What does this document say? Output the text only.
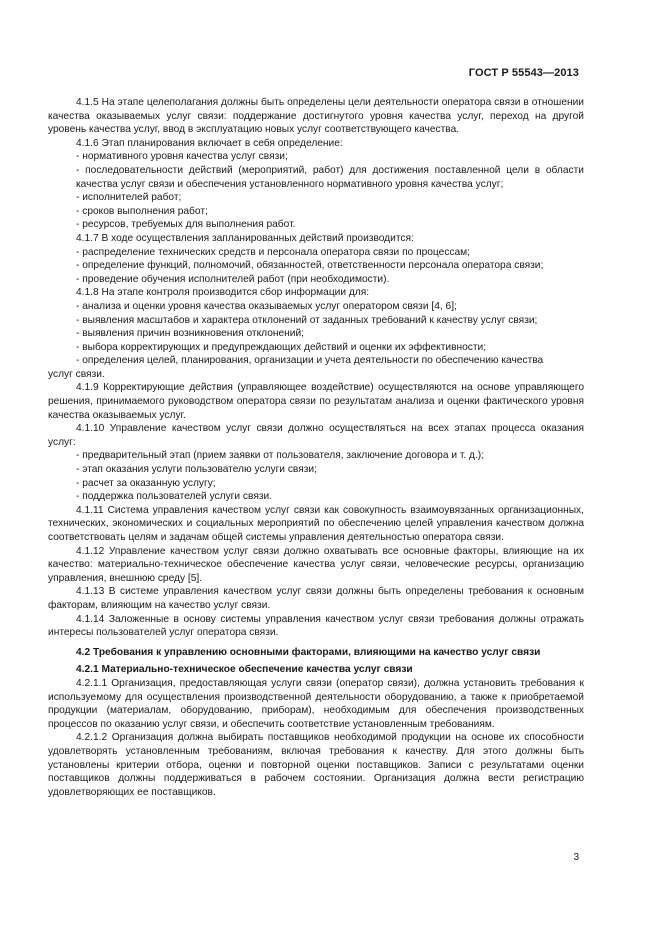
ГОСТ Р 55543—2013

4.1.5 На этапе целеполагания должны быть определены цели деятельности оператора связи в отношении качества оказываемых услуг связи: поддержание достигнутого уровня качества услуг, переход на другой уровень качества услуг, ввод в эксплуатацию новых услуг соответствующего качества.

4.1.6 Этап планирования включает в себя определение:

- нормативного уровня качества услуг связи;

- последовательности действий (мероприятий, работ) для достижения поставленной цели в области качества услуг связи и обеспечения установленного нормативного уровня качества услуг;

- исполнителей работ;

- сроков выполнения работ;

- ресурсов, требуемых для выполнения работ.

4.1.7 В ходе осуществления запланированных действий производится:

- распределение технических средств и персонала оператора связи по процессам;

- определение функций, полномочий, обязанностей, ответственности персонала оператора связи;

- проведение обучения исполнителей работ (при необходимости).

4.1.8 На этапе контроля производится сбор информации для:

- анализа и оценки уровня качества оказываемых услуг оператором связи [4, 6];

- выявления масштабов и характера отклонений от заданных требований к качеству услуг связи;

- выявления причин возникновения отклонений;

- выбора корректирующих и предупреждающих действий и оценки их эффективности;

- определения целей, планирования, организации и учета деятельности по обеспечению качества

услуг связи.

4.1.9 Корректирующие действия (управляющее воздействие) осуществляются на основе управляющего решения, принимаемого руководством оператора связи по результатам анализа и оценки фактического уровня качества оказываемых услуг.

4.1.10 Управление качеством услуг связи должно осуществляться на всех этапах процесса оказания услуг:

- предварительный этап (прием заявки от пользователя, заключение договора и т. д.);

- этап оказания услуги пользователю услуги связи;

- расчет за оказанную услугу;

- поддержка пользователей услуги связи.

4.1.11 Система управления качеством услуг связи как совокупность взаимоувязанных организационных, технических, экономических и социальных мероприятий по обеспечению целей управления качеством должна соответствовать целям и задачам общей системы управления деятельностью оператора связи.

4.1.12 Управление качеством услуг связи должно охватывать все основные факторы, влияющие на их качество: материально-техническое обеспечение качества услуг связи, человеческие ресурсы, организацию управления, внешнюю среду [5].

4.1.13 В системе управления качеством услуг связи должны быть определены требования к основным факторам, влияющим на качество услуг связи.

4.1.14 Заложенные в основу системы управления качеством услуг связи требования должны отражать интересы пользователей услуг оператора связи.

4.2 Требования к управлению основными факторами, влияющими на качество услуг связи

4.2.1 Материально-техническое обеспечение качества услуг связи

4.2.1.1 Организация, предоставляющая услуги связи (оператор связи), должна установить требования к используемому для осуществления производственной деятельности оборудованию, а также к приобретаемой продукции (материалам, оборудованию, приборам), необходимым для обеспечения производственных процессов по оказанию услуг связи, и обеспечить соответствие установленным требованиям.

4.2.1.2 Организация должна выбирать поставщиков необходимой продукции на основе их способности удовлетворять установленным требованиям, включая требования к качеству. Для этого должны быть установлены критерии отбора, оценки и повторной оценки поставщиков. Записи с результатами оценки поставщиков должны поддерживаться в рабочем состоянии. Организация должна вести регистрацию удовлетворяющих ее поставщиков.

3
